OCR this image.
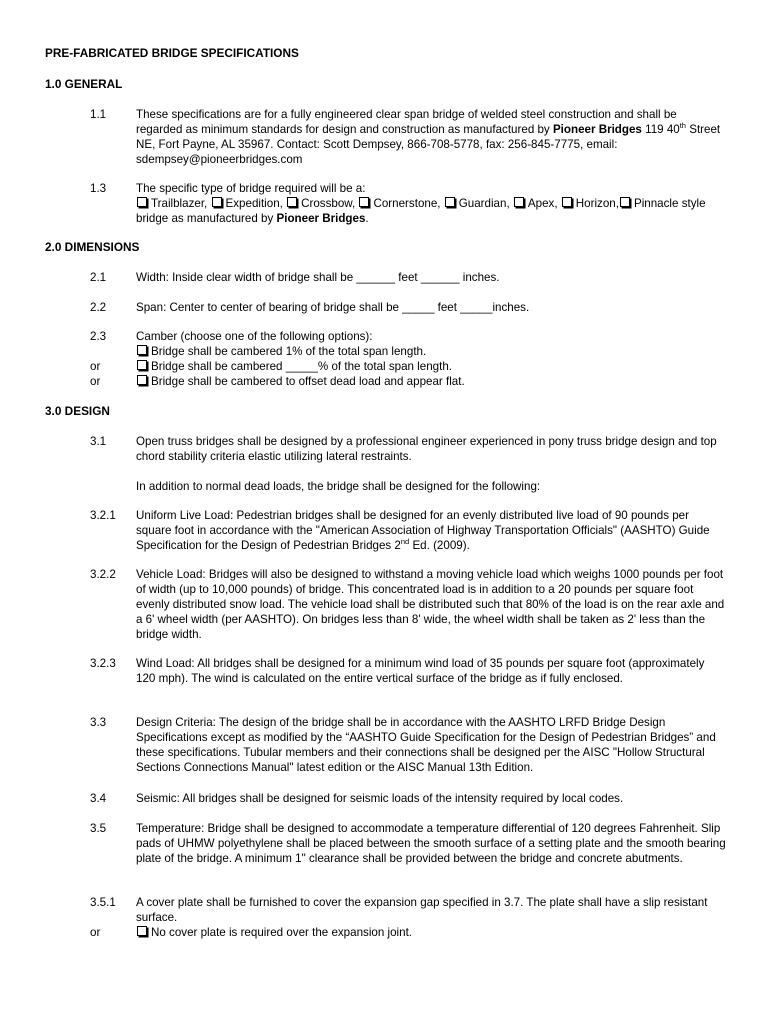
PRE-FABRICATED BRIDGE SPECIFICATIONS
1.0 GENERAL
1.1	These specifications are for a fully engineered clear span bridge of welded steel construction and shall be regarded as minimum standards for design and construction as manufactured by Pioneer Bridges 119 40th Street NE, Fort Payne, AL 35967. Contact: Scott Dempsey, 866-708-5778, fax: 256-845-7775, email: sdempsey@pioneerbridges.com
1.3	The specific type of bridge required will be a:
Trailblazer, Expedition, Crossbow, Cornerstone, Guardian, Apex, Horizon, Pinnacle style bridge as manufactured by Pioneer Bridges.
2.0 DIMENSIONS
2.1	Width: Inside clear width of bridge shall be ______ feet ______ inches.
2.2	Span: Center to center of bearing of bridge shall be _____ feet _____inches.
2.3	Camber (choose one of the following options):
Bridge shall be cambered 1% of the total span length.
Bridge shall be cambered _____% of the total span length.
Bridge shall be cambered to offset dead load and appear flat.
or
or
3.0 DESIGN
3.1	Open truss bridges shall be designed by a professional engineer experienced in pony truss bridge design and top chord stability criteria elastic utilizing lateral restraints.
In addition to normal dead loads, the bridge shall be designed for the following:
3.2.1	Uniform Live Load: Pedestrian bridges shall be designed for an evenly distributed live load of 90 pounds per square foot in accordance with the "American Association of Highway Transportation Officials" (AASHTO) Guide Specification for the Design of Pedestrian Bridges 2nd Ed. (2009).
3.2.2	Vehicle Load: Bridges will also be designed to withstand a moving vehicle load which weighs 1000 pounds per foot of width (up to 10,000 pounds) of bridge. This concentrated load is in addition to a 20 pounds per square foot evenly distributed snow load. The vehicle load shall be distributed such that 80% of the load is on the rear axle and a 6' wheel width (per AASHTO). On bridges less than 8' wide, the wheel width shall be taken as 2' less than the bridge width.
3.2.3	Wind Load: All bridges shall be designed for a minimum wind load of 35 pounds per square foot (approximately 120 mph). The wind is calculated on the entire vertical surface of the bridge as if fully enclosed.
3.3	Design Criteria: The design of the bridge shall be in accordance with the AASHTO LRFD Bridge Design Specifications except as modified by the “AASHTO Guide Specification for the Design of Pedestrian Bridges” and these specifications. Tubular members and their connections shall be designed per the AISC "Hollow Structural Sections Connections Manual" latest edition or the AISC Manual 13th Edition.
3.4	Seismic: All bridges shall be designed for seismic loads of the intensity required by local codes.
3.5	Temperature: Bridge shall be designed to accommodate a temperature differential of 120 degrees Fahrenheit. Slip pads of UHMW polyethylene shall be placed between the smooth surface of a setting plate and the smooth bearing plate of the bridge. A minimum 1" clearance shall be provided between the bridge and concrete abutments.
3.5.1	A cover plate shall be furnished to cover the expansion gap specified in 3.7. The plate shall have a slip resistant surface.
No cover plate is required over the expansion joint.
or
